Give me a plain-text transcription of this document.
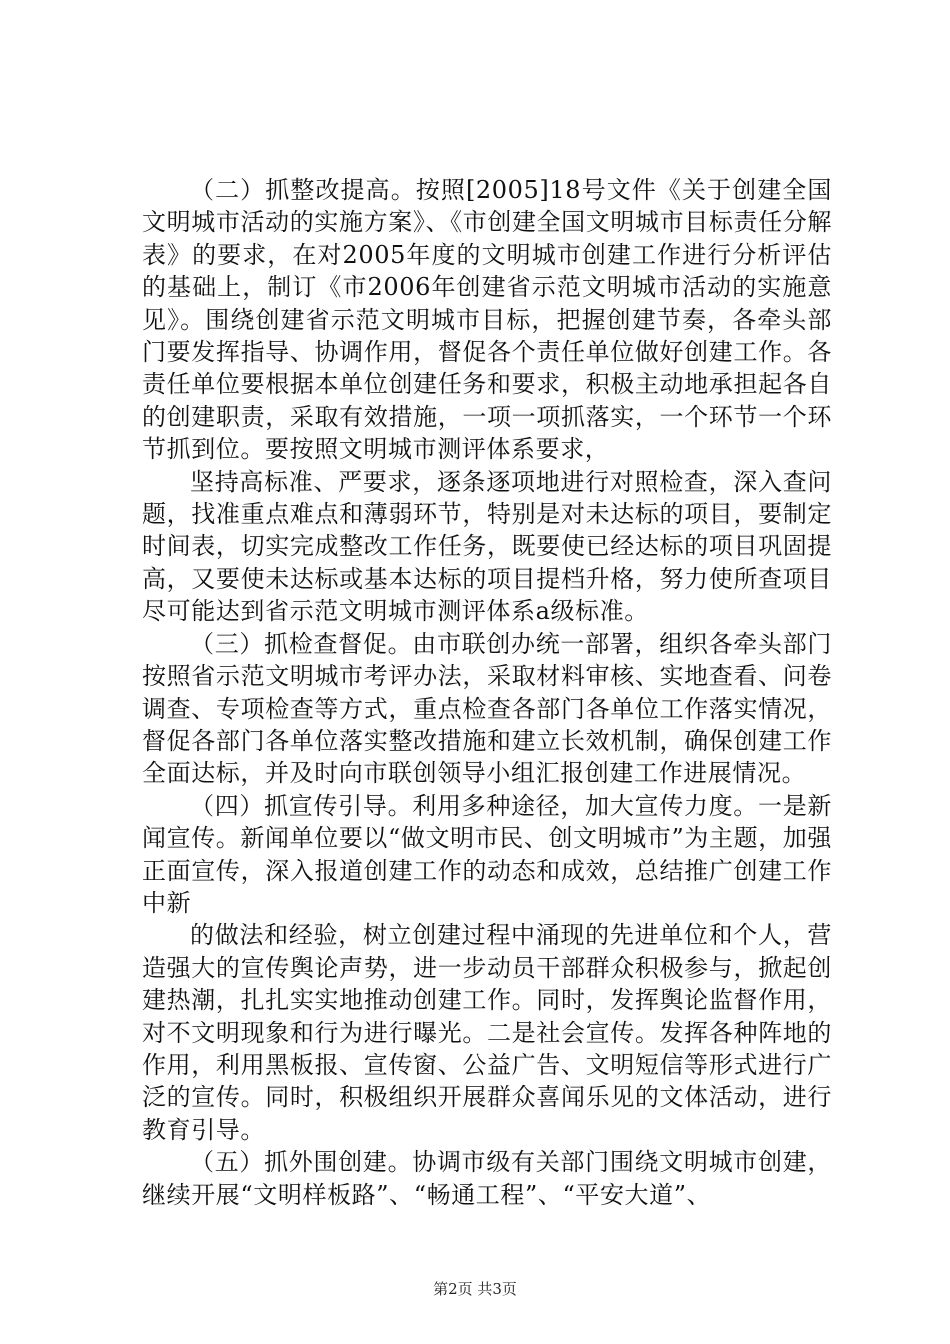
（二）抓整改提高。按照[2005]18号文件《关于创建全国文明城市活动的实施方案》、《市创建全国文明城市目标责任分解表》的要求，在对2005年度的文明城市创建工作进行分析评估的基础上，制订《市2006年创建省示范文明城市活动的实施意见》。围绕创建省示范文明城市目标，把握创建节奏，各牵头部门要发挥指导、协调作用，督促各个责任单位做好创建工作。各责任单位要根据本单位创建任务和要求，积极主动地承担起各自的创建职责，采取有效措施，一项一项抓落实，一个环节一个环节抓到位。要按照文明城市测评体系要求，

坚持高标准、严要求，逐条逐项地进行对照检查，深入查问题，找准重点难点和薄弱环节，特别是对未达标的项目，要制定时间表，切实完成整改工作任务，既要使已经达标的项目巩固提高，又要使未达标或基本达标的项目提档升格，努力使所查项目尽可能达到省示范文明城市测评体系a级标准。

（三）抓检查督促。由市联创办统一部署，组织各牵头部门按照省示范文明城市考评办法，采取材料审核、实地查看、问卷调查、专项检查等方式，重点检查各部门各单位工作落实情况，督促各部门各单位落实整改措施和建立长效机制，确保创建工作全面达标，并及时向市联创领导小组汇报创建工作进展情况。

（四）抓宣传引导。利用多种途径，加大宣传力度。一是新闻宣传。新闻单位要以“做文明市民、创文明城市”为主题，加强正面宣传，深入报道创建工作的动态和成效，总结推广创建工作中新

的做法和经验，树立创建过程中涌现的先进单位和个人，营造强大的宣传舆论声势，进一步动员干部群众积极参与，掀起创建热潮，扎扎实实地推动创建工作。同时，发挥舆论监督作用，对不文明现象和行为进行曝光。二是社会宣传。发挥各种阵地的作用，利用黑板报、宣传窗、公益广告、文明短信等形式进行广泛的宣传。同时，积极组织开展群众喜闻乐见的文体活动，进行教育引导。

（五）抓外围创建。协调市级有关部门围绕文明城市创建，继续开展“文明样板路”、“畅通工程”、“平安大道”、

第2页 共3页
